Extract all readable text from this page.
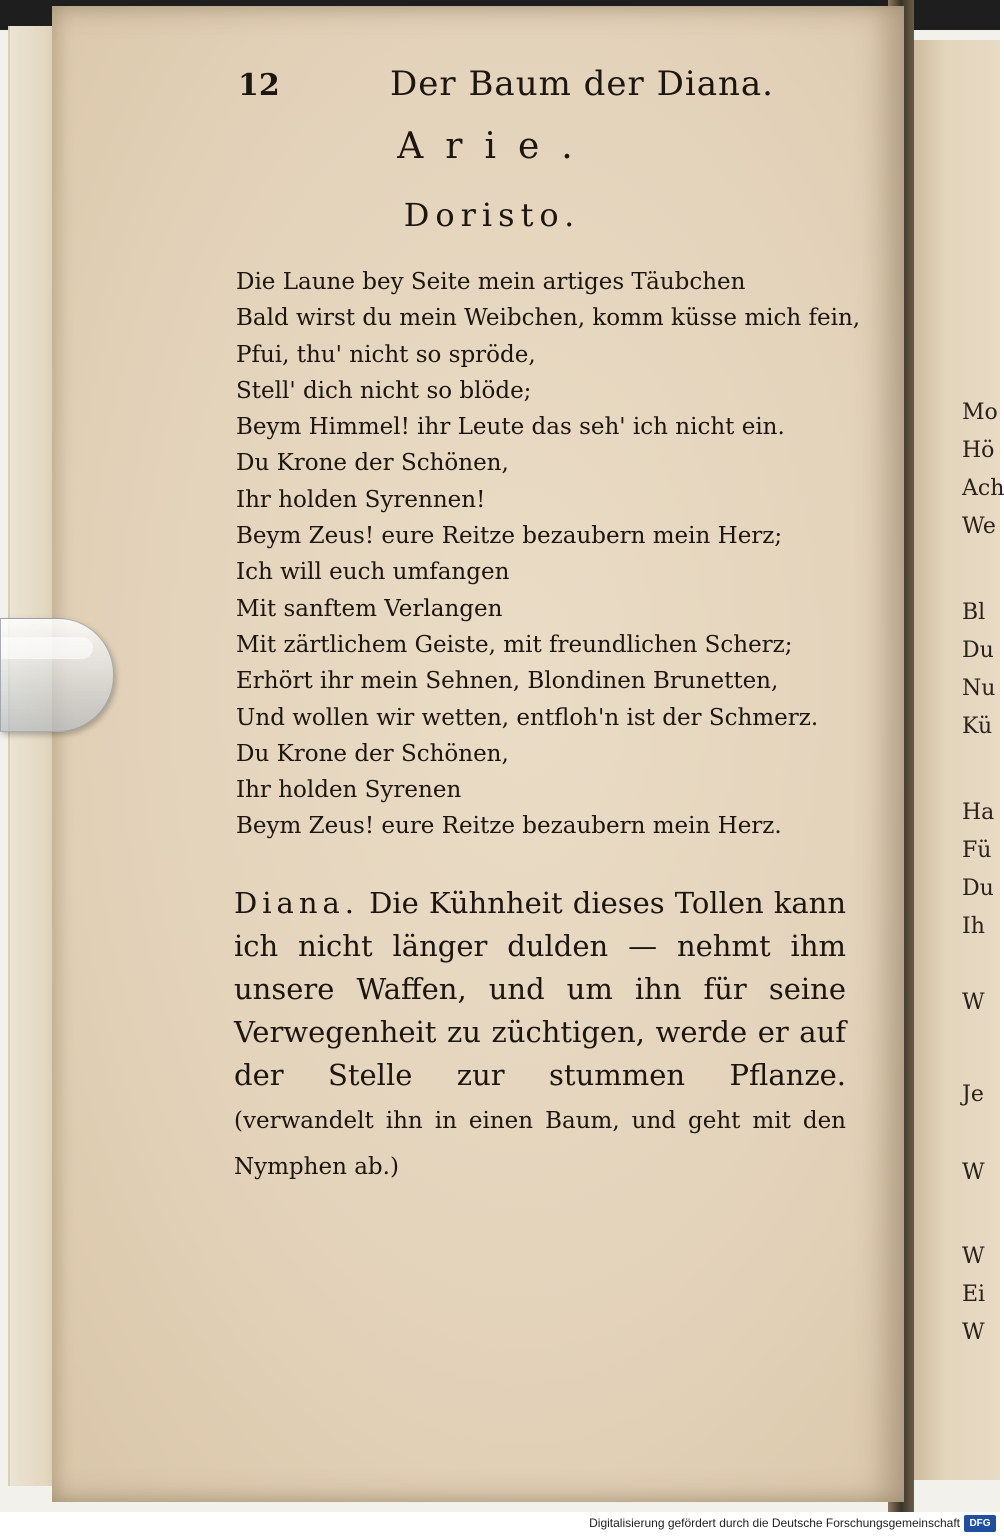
12	Der Baum der Diana.
Arie.
Doristo.
Die Laune bey Seite mein artiges Täubchen
Bald wirst du mein Weibchen, komm küsse mich fein,
Pfui, thu' nicht so spröde,
Stell' dich nicht so blöde;
Beym Himmel! ihr Leute das seh' ich nicht ein.
Du Krone der Schönen,
Ihr holden Syrennen!
Beym Zeus! eure Reitze bezaubern mein Herz;
Ich will euch umfangen
Mit sanftem Verlangen
Mit zärtlichem Geiste, mit freundlichen Scherz;
Erhört ihr mein Sehnen, Blondinen Brunetten,
Und wollen wir wetten, entfloh'n ist der Schmerz.
Du Krone der Schönen,
Ihr holden Syrenen
Beym Zeus! eure Reitze bezaubern mein Herz.

Diana. Die Kühnheit dieses Tollen kann ich nicht länger dulden — nehmt ihm unsere Waffen, und um ihn für seine Verwegenheit zu züchtigen, werde er auf der Stelle zur stummen Pflanze. (verwandelt ihn in einen Baum, und geht mit den Nymphen ab.)

Mo
Hö
Ach
We
Bl
Du
Nu
Kü
Ha
Fü
Du
Ih
W
Je
W
W
Ei
W
Digitalisierung gefördert durch die Deutsche Forschungsgemeinschaft DFG
